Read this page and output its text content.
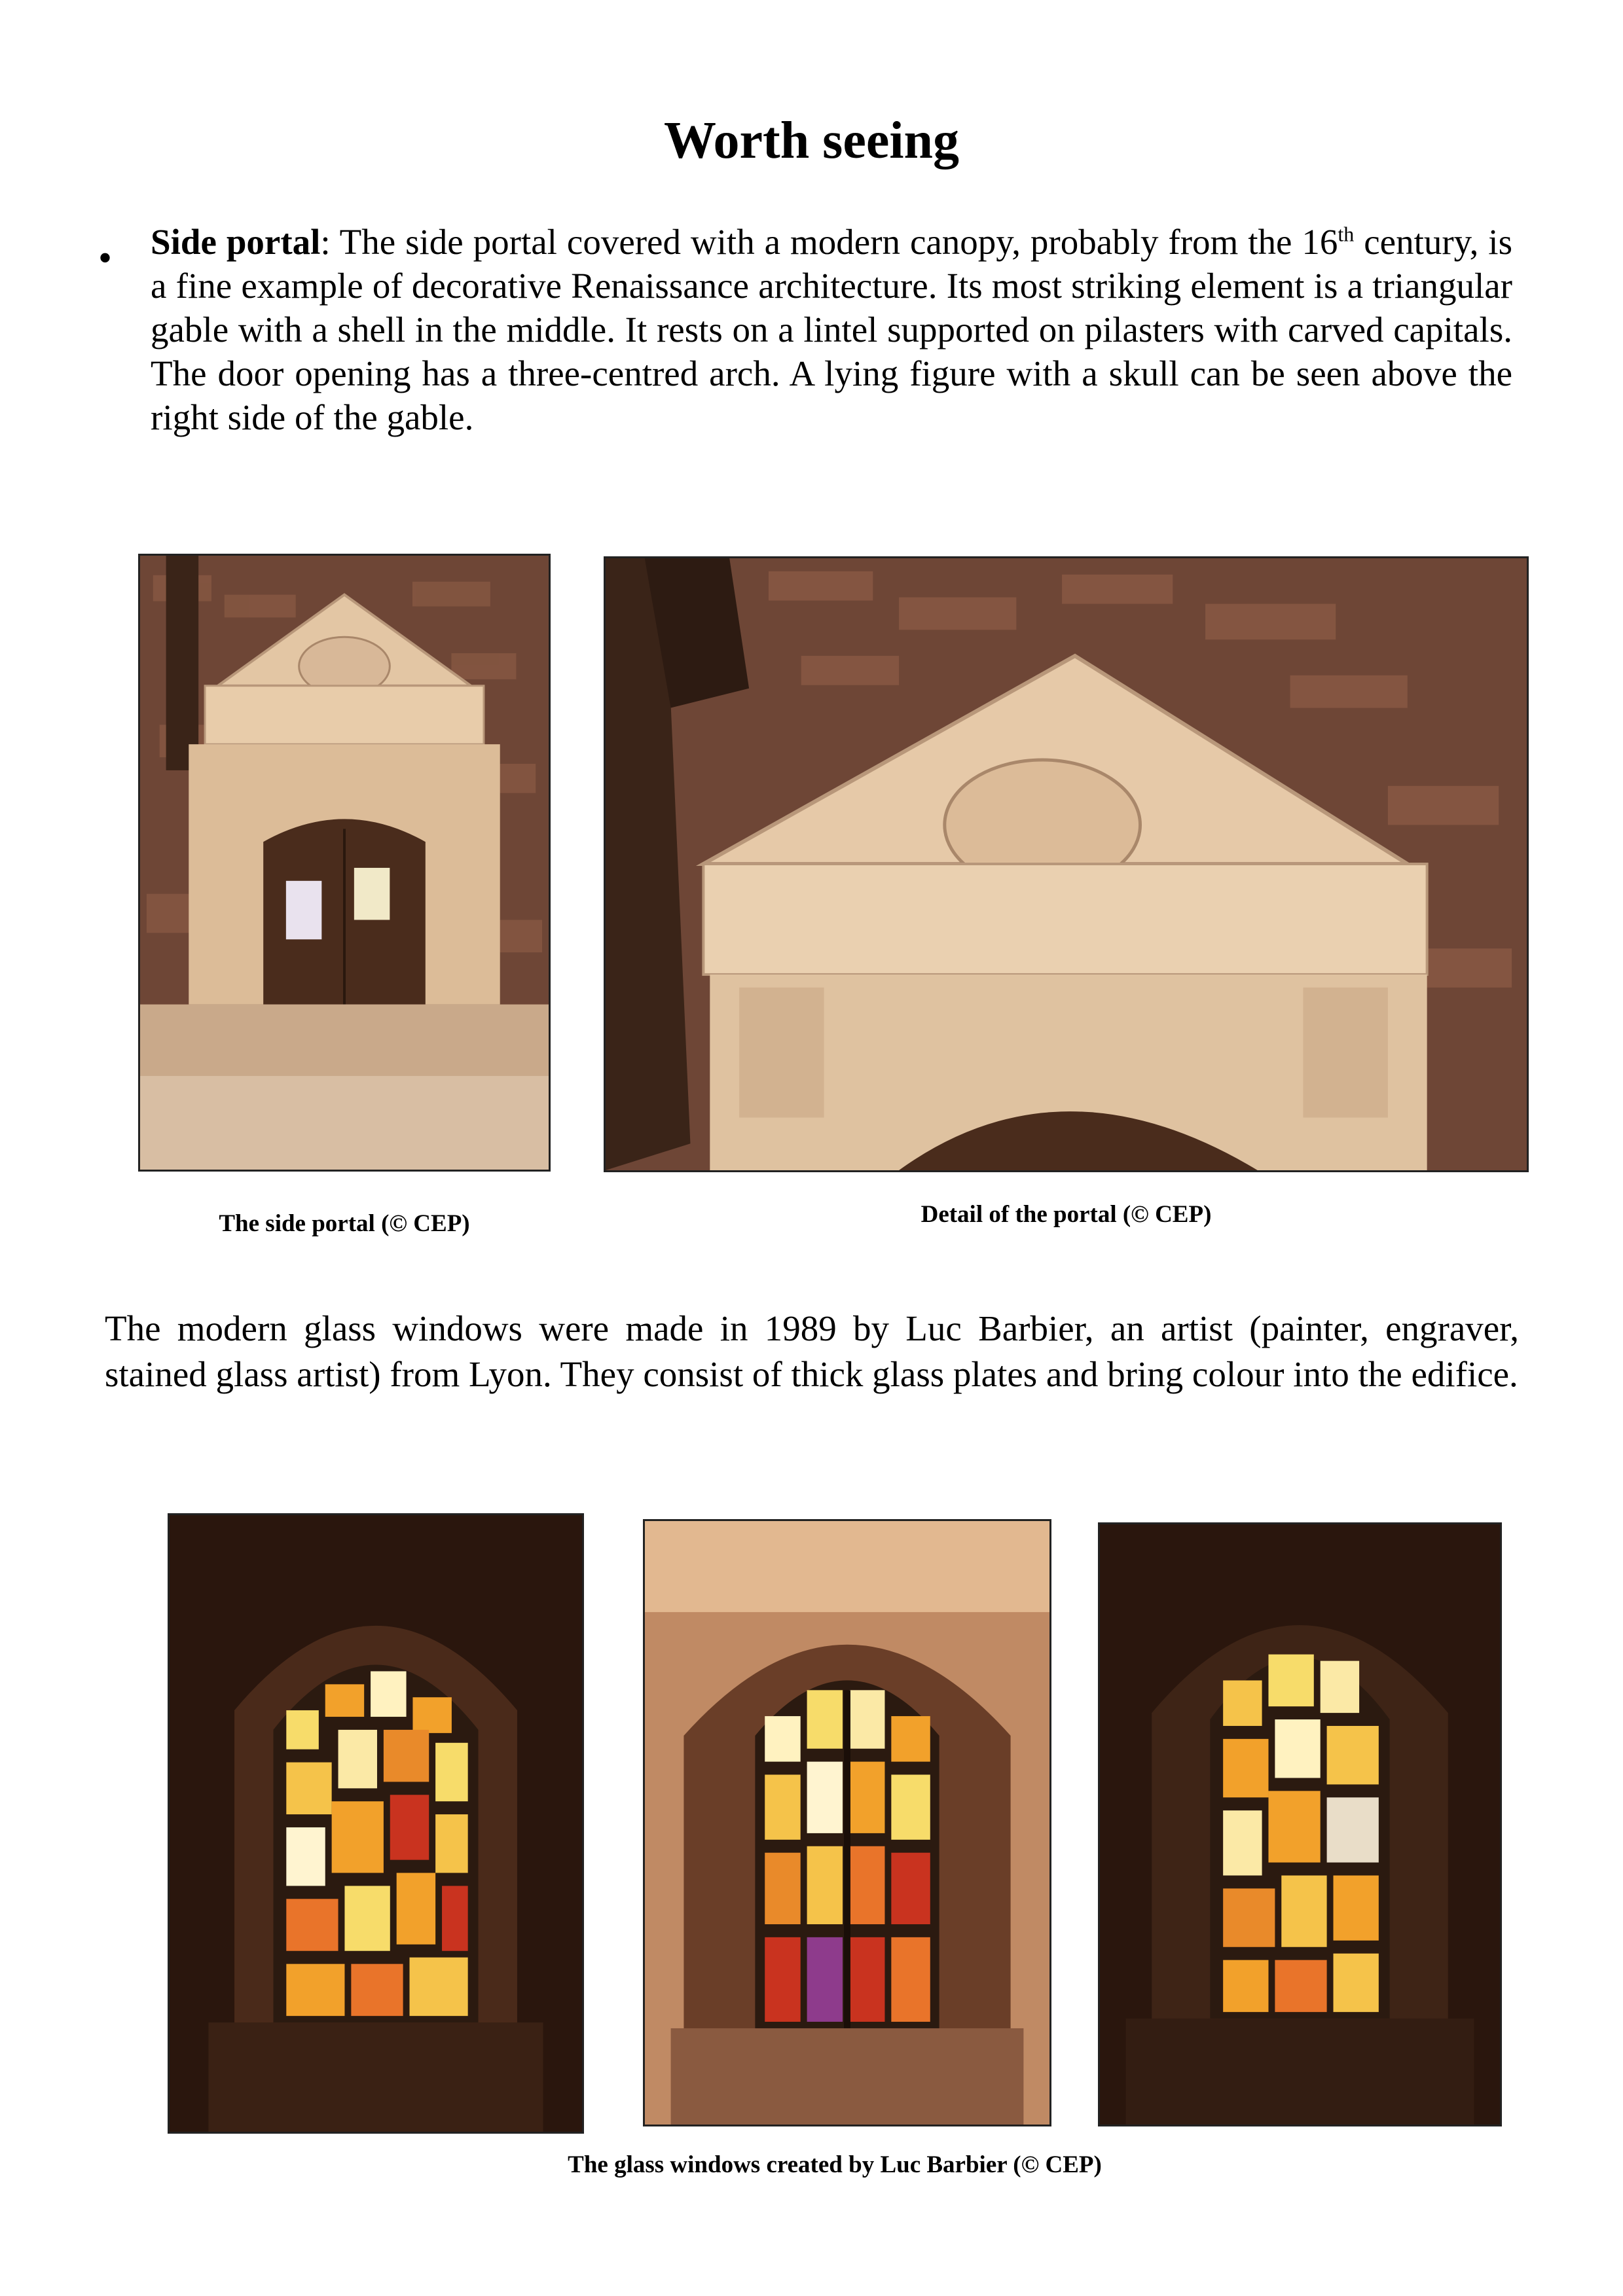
Worth seeing
• Side portal: The side portal covered with a modern canopy, probably from the 16th century, is a fine example of decorative Renaissance architecture. Its most striking element is a triangular gable with a shell in the middle. It rests on a lintel supported on pilasters with carved capitals. The door opening has a three-centred arch. A lying figure with a skull can be seen above the right side of the gable.
The side portal (© CEP)	Detail of the portal (© CEP)
The modern glass windows were made in 1989 by Luc Barbier, an artist (painter, engraver, stained glass artist) from Lyon. They consist of thick glass plates and bring colour into the edifice.
The glass windows created by Luc Barbier (© CEP)
